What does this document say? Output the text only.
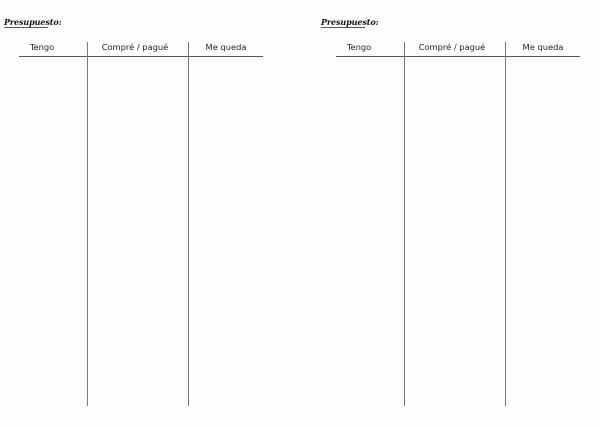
Presupuesto:
Tengo	Compré / pagué	Me queda
Presupuesto:
Tengo	Compré / pagué	Me queda
